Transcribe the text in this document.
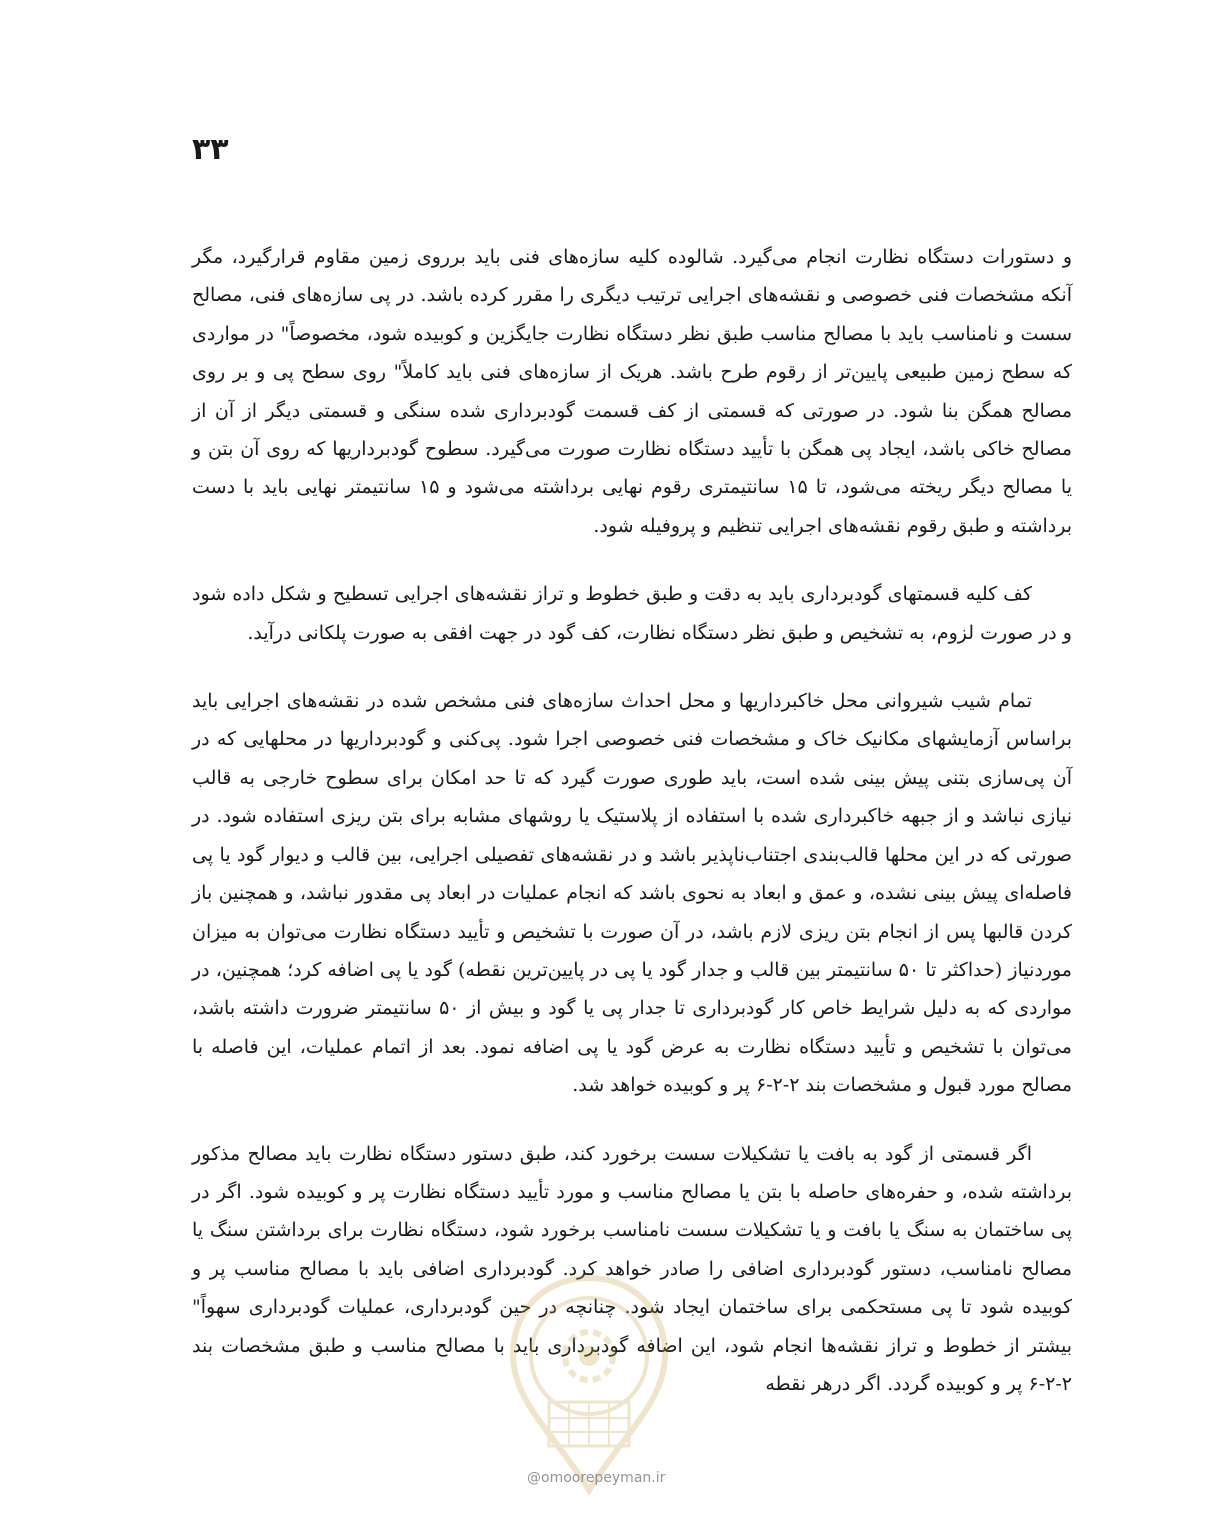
۳۳

و دستورات دستگاه نظارت انجام می‌گیرد. شالوده کلیه سازه‌های فنی باید برروی زمین مقاوم قرارگیرد، مگر آنکه مشخصات فنی خصوصی و نقشه‌های اجرایی ترتیب دیگری را مقرر کرده باشد. در پی سازه‌های فنی، مصالح سست و نامناسب باید با مصالح مناسب طبق نظر دستگاه نظارت جایگزین و کوبیده شود، مخصوصاً" در مواردی که سطح زمین طبیعی پایین‌تر از رقوم طرح باشد. هریک از سازه‌های فنی باید کاملاً" روی سطح پی و بر روی مصالح همگن بنا شود. در صورتی که قسمتی از کف قسمت گودبرداری شده سنگی و قسمتی دیگر از آن از مصالح خاکی باشد، ایجاد پی همگن با تأیید دستگاه نظارت صورت می‌گیرد. سطوح گودبرداریها که روی آن بتن و یا مصالح دیگر ریخته می‌شود، تا ۱۵ سانتیمتری رقوم نهایی برداشته می‌شود و ۱۵ سانتیمتر نهایی باید با دست برداشته و طبق رقوم نقشه‌های اجرایی تنظیم و پروفیله شود.

کف کلیه قسمتهای گودبرداری باید به دقت و طبق خطوط و تراز نقشه‌های اجرایی تسطیح و شکل داده شود و در صورت لزوم، به تشخیص و طبق نظر دستگاه نظارت، کف گود در جهت افقی به صورت پلکانی درآید.

تمام شیب شیروانی محل خاکبرداریها و محل احداث سازه‌های فنی مشخص شده در نقشه‌های اجرایی باید براساس آزمایشهای مکانیک خاک و مشخصات فنی خصوصی اجرا شود. پی‌کنی و گودبرداریها در محلهایی که در آن پی‌سازی بتنی پیش بینی شده است، باید طوری صورت گیرد که تا حد امکان برای سطوح خارجی به قالب نیازی نباشد و از جبهه خاکبرداری شده با استفاده از پلاستیک یا روشهای مشابه برای بتن ریزی استفاده شود. در صورتی که در این محلها قالب‌بندی اجتناب‌ناپذیر باشد و در نقشه‌های تفصیلی اجرایی، بین قالب و دیوار گود یا پی فاصله‌ای پیش بینی نشده، و عمق و ابعاد به نحوی باشد که انجام عملیات در ابعاد پی مقدور نباشد، و همچنین باز کردن قالبها پس از انجام بتن ریزی لازم باشد، در آن صورت با تشخیص و تأیید دستگاه نظارت می‌توان به میزان موردنیاز (حداکثر تا ۵۰ سانتیمتر بین قالب و جدار گود یا پی در پایین‌ترین نقطه) گود یا پی اضافه کرد؛ همچنین، در مواردی که به دلیل شرایط خاص کار گودبرداری تا جدار پی یا گود و بیش از ۵۰ سانتیمتر ضرورت داشته باشد، می‌توان با تشخیص و تأیید دستگاه نظارت به عرض گود یا پی اضافه نمود. بعد از اتمام عملیات، این فاصله با مصالح مورد قبول و مشخصات بند ۲-۲-۶ پر و کوبیده خواهد شد.

اگر قسمتی از گود به بافت یا تشکیلات سست برخورد کند، طبق دستور دستگاه نظارت باید مصالح مذکور برداشته شده، و حفره‌های حاصله با بتن یا مصالح مناسب و مورد تأیید دستگاه نظارت پر و کوبیده شود. اگر در پی ساختمان به سنگ یا بافت و یا تشکیلات سست نامناسب برخورد شود، دستگاه نظارت برای برداشتن سنگ یا مصالح نامناسب، دستور گودبرداری اضافی را صادر خواهد کرد. گودبرداری اضافی باید با مصالح مناسب پر و کوبیده شود تا پی مستحکمی برای ساختمان ایجاد شود. چنانچه در حین گودبرداری، عملیات گودبرداری سهواً" بیشتر از خطوط و تراز نقشه‌ها انجام شود، این اضافه گودبرداری باید با مصالح مناسب و طبق مشخصات بند ۲-۲-۶ پر و کوبیده گردد. اگر درهر نقطه

@omoorepeyman.ir
